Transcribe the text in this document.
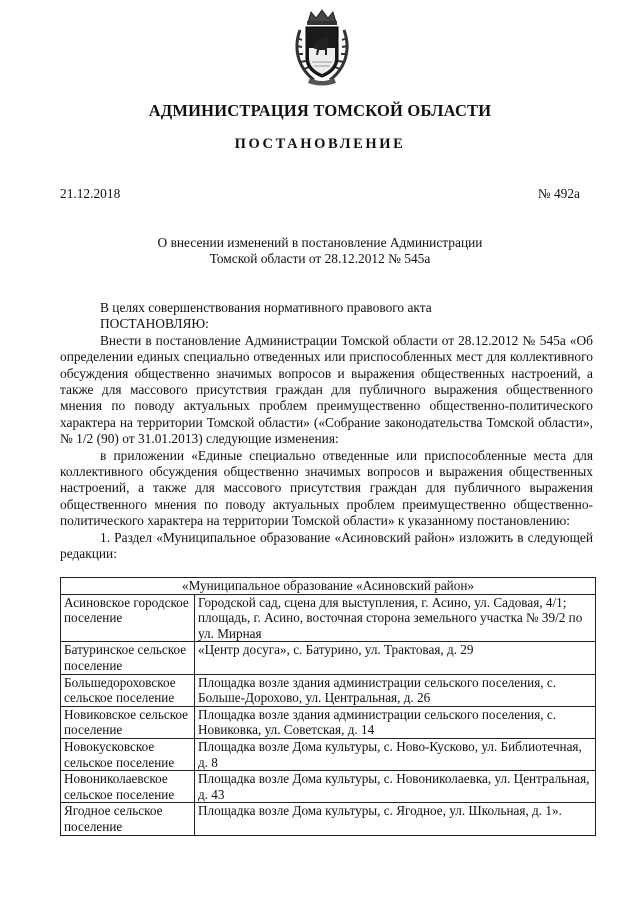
АДМИНИСТРАЦИЯ ТОМСКОЙ ОБЛАСТИ
ПОСТАНОВЛЕНИЕ
21.12.2018	№ 492а
О внесении изменений в постановление Администрации
Томской области от 28.12.2012 № 545а

В целях совершенствования нормативного правового акта

ПОСТАНОВЛЯЮ:

Внести в постановление Администрации Томской области от 28.12.2012 № 545а «Об определении единых специально отведенных или приспособленных мест для коллективного обсуждения общественно значимых вопросов и выражения общественных настроений, а также для массового присутствия граждан для публичного выражения общественного мнения по поводу актуальных проблем преимущественно общественно-политического характера на территории Томской области» («Собрание законодательства Томской области», № 1/2 (90) от 31.01.2013) следующие изменения:

в приложении «Единые специально отведенные или приспособленные места для коллективного обсуждения общественно значимых вопросов и выражения общественных настроений, а также для массового присутствия граждан для публичного выражения общественного мнения по поводу актуальных проблем преимущественно общественно-политического характера на территории Томской области» к указанному постановлению:

1. Раздел «Муниципальное образование «Асиновский район» изложить в следующей редакции:

«Муниципальное образование «Асиновский район»	
Асиновское городское поселение	Городской сад, сцена для выступления, г. Асино, ул. Садовая, 4/1; площадь, г. Асино, восточная сторона земельного участка № 39/2 по ул. Мирная
Батуринское сельское поселение	«Центр досуга», с. Батурино, ул. Трактовая, д. 29
Большедороховское сельское поселение	Площадка возле здания администрации сельского поселения, с. Больше-Дорохово, ул. Центральная, д. 26
Новиковское сельское поселение	Площадка возле здания администрации сельского поселения, с. Новиковка, ул. Советская, д. 14
Новокусковское сельское поселение	Площадка возле Дома культуры, с. Ново-Кусково, ул. Библиотечная, д. 8
Новониколаевское сельское поселение	Площадка возле Дома культуры, с. Новониколаевка, ул. Центральная, д. 43
Ягодное сельское поселение	Площадка возле Дома культуры, с. Ягодное, ул. Школьная, д. 1».
